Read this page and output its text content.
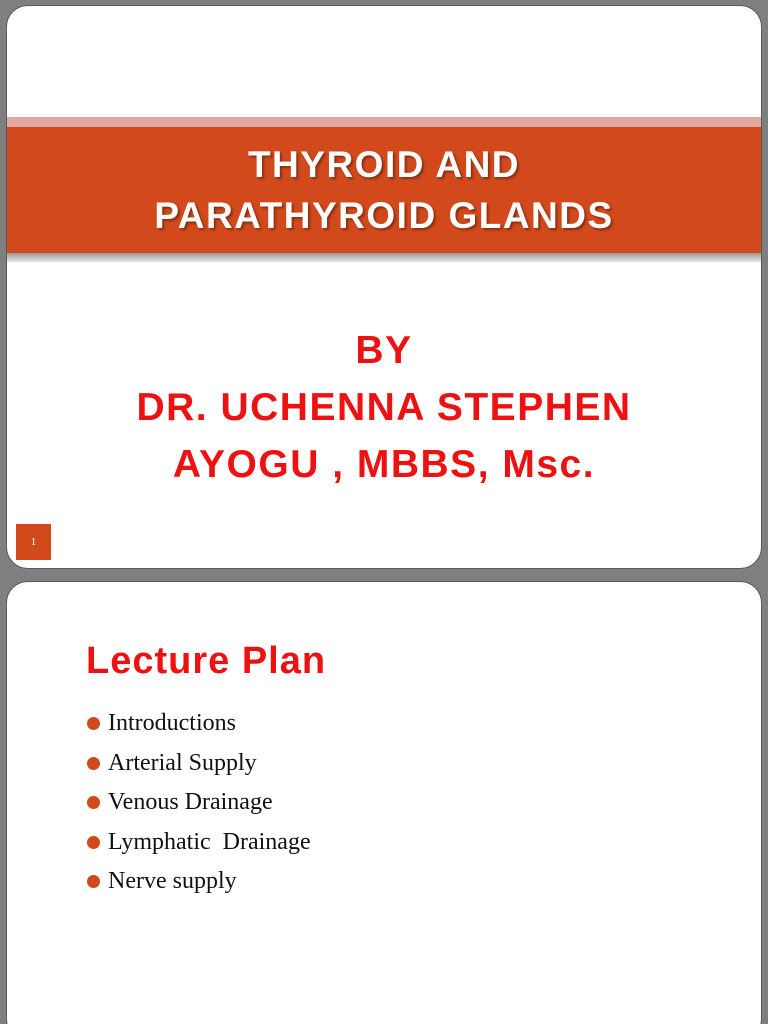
THYROID AND
PARATHYROID GLANDS
BY
DR. UCHENNA STEPHEN
AYOGU , MBBS, Msc.
1
Lecture Plan
Introductions
Arterial Supply
Venous Drainage
Lymphatic  Drainage
Nerve supply
